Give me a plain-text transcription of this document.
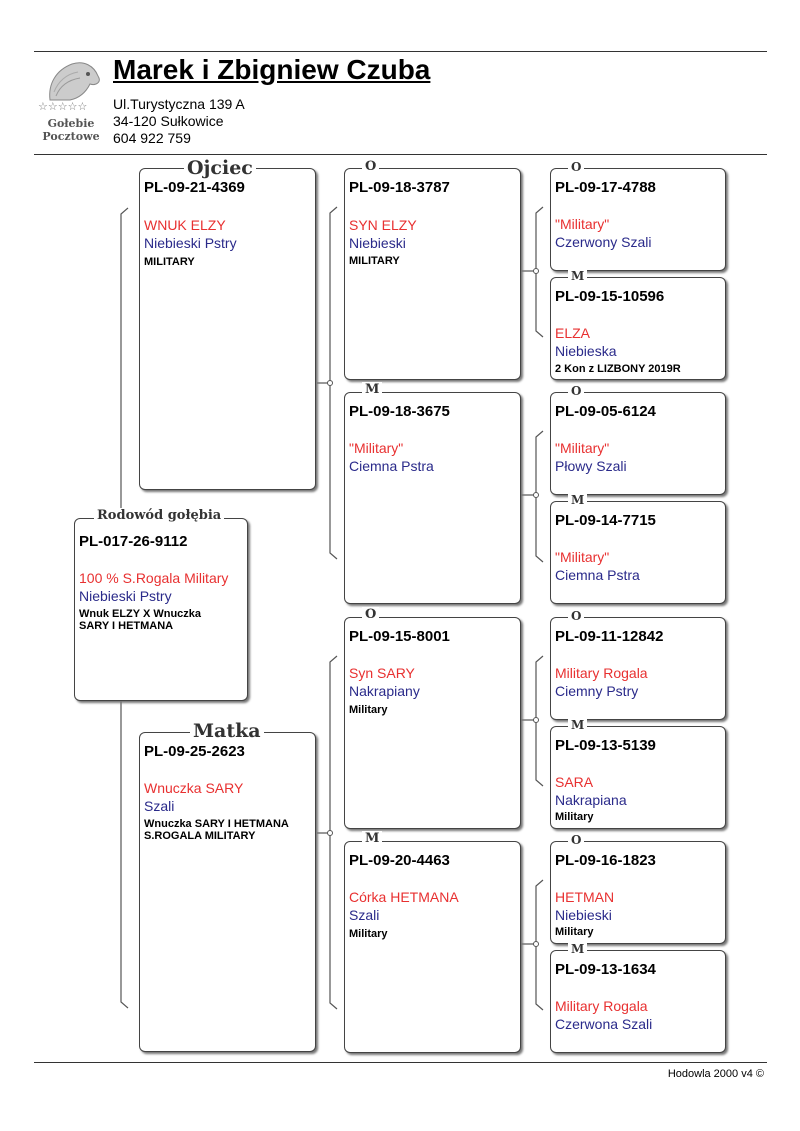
☆☆☆☆☆
Gołebie
Pocztowe
Marek i Zbigniew Czuba
Ul.Turystyczna 139 A
34-120 Sułkowice
604 922 759
PL-017-26-9112
100 % S.Rogala Military
Niebieski Pstry
Wnuk ELZY X Wnuczka SARY I HETMANA
Rodowód gołębia
PL-09-21-4369
WNUK ELZY
Niebieski Pstry
MILITARY
Ojciec
PL-09-25-2623
Wnuczka SARY
Szali
Wnuczka SARY I HETMANA S.ROGALA MILITARY
Matka
PL-09-18-3787
SYN ELZY
Niebieski
MILITARY
O
PL-09-18-3675
"Military"
Ciemna Pstra
M
PL-09-15-8001
Syn SARY
Nakrapiany
Military
O
PL-09-20-4463
Córka HETMANA
Szali
Military
M
PL-09-17-4788
"Military"
Czerwony Szali
O
PL-09-15-10596
ELZA
Niebieska
2 Kon z LIZBONY 2019R
M
PL-09-05-6124
"Military"
Płowy Szali
O
PL-09-14-7715
"Military"
Ciemna Pstra
M
PL-09-11-12842
Military Rogala
Ciemny Pstry
O
PL-09-13-5139
SARA
Nakrapiana
Military
M
PL-09-16-1823
HETMAN
Niebieski
Military
O
PL-09-13-1634
Military Rogala
Czerwona Szali
M
Hodowla 2000 v4 ©
